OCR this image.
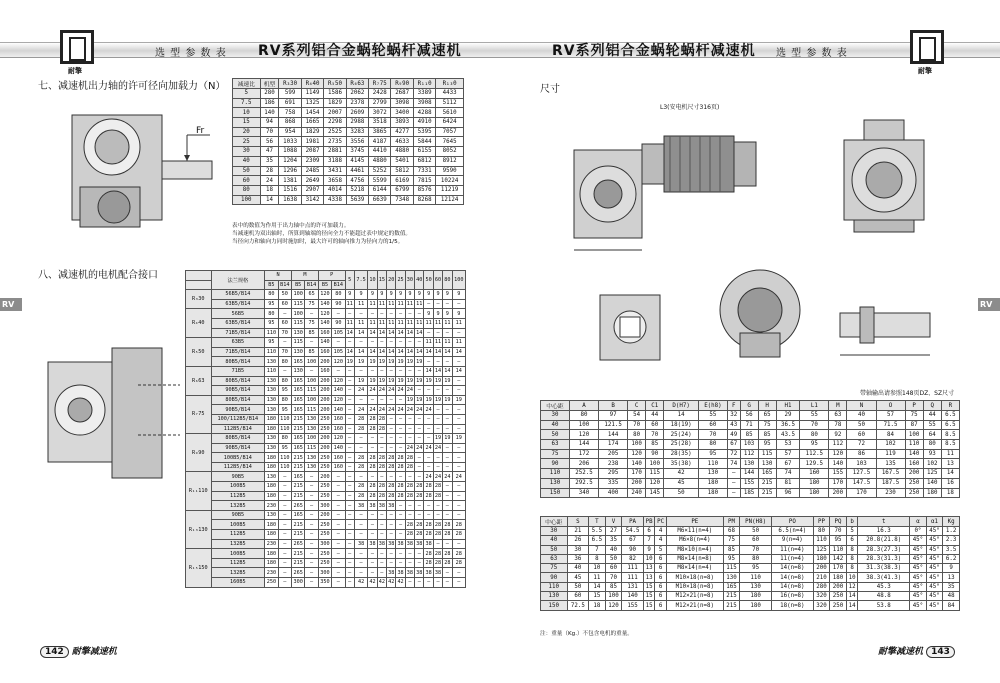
耐擎
选 型 参 数 表 RV系列铝合金蜗轮蜗杆减速机
RV
七、减速机出力轴的许可径向加载力（N）
Fr
减速比	机型	R₃30	R₄40	R₅50	R₆63	R₇75	R₉90	R₁₁0	R₁₃0
5	280	599	1149	1586	2062	2428	2687	3389	4433
7.5	186	691	1325	1829	2378	2799	3098	3908	5112
10	140	758	1454	2007	2609	3072	3400	4288	5610
15	94	868	1665	2298	2988	3518	3893	4910	6424
20	70	954	1829	2525	3283	3865	4277	5395	7057
25	56	1033	1981	2735	3556	4187	4633	5844	7645
30	47	1088	2087	2881	3745	4410	4880	6155	8052
40	35	1204	2309	3188	4145	4880	5401	6812	8912
50	28	1296	2485	3431	4461	5252	5812	7331	9590
60	24	1381	2649	3658	4756	5599	6169	7815	10224
80	18	1516	2907	4014	5218	6144	6799	8576	11219
100	14	1638	3142	4338	5639	6639	7348	8268	12124
表中的数值为作用于出力轴中点的许可加载力。
当减速机为双出轴时，所算到轴端的径向全力不能超过表中规定的数值。
当径向力和轴向力同时施加时，最大许可的轴向推力为径向力的1/5。
八、减速机的电机配合接口
		法兰规格	N		M		P		5	7.5	10	15	20	25	30	40	50	60	80	100
		B5	B14	B5	B14	B5	B14												
R₃30	56B5/B14	80	50	100	65	120	80	9	9	9	9	9	9	9	9	9	9	9	9
	63B5/B14	95	60	115	75	140	90	11	11	11	11	11	11	11	11	—	—	—	—
R₄40	56B5	80	—	100	—	120	—	—	—	—	—	—	—	—	—	9	9	9	9
	63B5/B14	95	60	115	75	140	90	11	11	11	11	11	11	11	11	11	11	11	11
	71B5/B14	110	70	130	85	160	105	14	14	14	14	14	14	14	14	—	—	—	—
R₅50	63B5	95	—	115	—	140	—	—	—	—	—	—	—	—	—	11	11	11	11
	71B5/B14	110	70	130	85	160	105	14	14	14	14	14	14	14	14	14	14	14	14
	80B5/B14	130	80	165	100	200	120	19	19	19	19	19	19	19	19	—	—	—	—
R₆63	71B5	110	—	130	—	160	—	—	—	—	—	—	—	—	—	14	14	14	14
	80B5/B14	130	80	165	100	200	120	—	19	19	19	19	19	19	19	19	19	19	—
	90B5/B14	130	95	165	115	200	140	—	24	24	24	24	24	24	—	—	—	—	—
R₇75	80B5/B14	130	80	165	100	200	120	—	—	—	—	—	—	19	19	19	19	19	19
	90B5/B14	130	95	165	115	200	140	—	24	24	24	24	24	24	24	24	—	—	—
	100/112B5/B14	180	110	215	130	250	160	—	28	28	28	—	—	—	—	—	—	—	—
	112B5/B14	180	110	215	130	250	160	—	28	28	28	—	—	—	—	—	—	—	—
R₉90	80B5/B14	130	80	165	100	200	120	—	—	—	—	—	—	—	—	—	19	19	19
	90B5/B14	130	95	165	115	200	140	—	—	—	—	—	—	24	24	24	24	—	—
	100B5/B14	180	110	215	130	250	160	—	28	28	28	28	28	28	—	—	—	—	—
	112B5/B14	180	110	215	130	250	160	—	28	28	28	28	28	28	—	—	—	—	—
R₁₁110	90B5	130	—	165	—	200	—	—	—	—	—	—	—	—	—	24	24	24	24
	100B5	180	—	215	—	250	—	—	28	28	28	28	28	28	28	28	28	—	—
	112B5	180	—	215	—	250	—	—	28	28	28	28	28	28	28	28	28	—	—
	132B5	230	—	265	—	300	—	—	38	38	38	38	—	—	—	—	—	—	—
R₁₃130	90B5	130	—	165	—	200	—	—	—	—	—	—	—	—	—	—	—	—	—
	100B5	180	—	215	—	250	—	—	—	—	—	—	—	28	28	28	28	28	28
	112B5	180	—	215	—	250	—	—	—	—	—	—	—	28	28	28	28	28	28
	132B5	230	—	265	—	300	—	—	38	38	38	38	38	38	38	38	—	—	—
R₁₅150	100B5	180	—	215	—	250	—	—	—	—	—	—	—	—	—	28	28	28	28
	112B5	180	—	215	—	250	—	—	—	—	—	—	—	—	—	28	28	28	28
	132B5	230	—	265	—	300	—	—	—	—	—	38	38	38	38	38	38	—	—
	160B5	250	—	300	—	350	—	—	42	42	42	42	42	—	—	—	—	—	—
142 耐擎减速机
RV系列铝合金蜗轮蜗杆减速机 选 型 参 数 表
耐擎
RV
尺寸
L3(安电机尺寸316页)
带轴输出请参照148页DZ、SZ尺寸
中心距	A	B	C	C1	D(H7)	E(h8)	F	G	H	H1	L1	M	N	O	P	Q	R
30	80	97	54	44	14	55	32	56	65	29	55	63	40	57	75	44	6.5
40	100	121.5	70	60	18(19)	60	43	71	75	36.5	70	78	50	71.5	87	55	6.5
50	120	144	80	70	25(24)	70	49	85	85	43.5	80	92	60	84	100	64	8.5
63	144	174	100	85	25(28)	80	67	103	95	53	95	112	72	102	110	80	8.5
75	172	205	120	90	28(35)	95	72	112	115	57	112.5	120	86	119	140	93	11
90	206	238	140	100	35(38)	110	74	130	130	67	129.5	140	103	135	160	102	13
110	252.5	295	170	115	42	130	—	144	165	74	160	155	127.5	167.5	200	125	14
130	292.5	335	200	120	45	180	—	155	215	81	180	170	147.5	187.5	250	140	16
150	340	400	240	145	50	180	—	185	215	96	180	200	170	230	250	180	18
中心距	S	T	V	PA	PB	PC	PE	PM	PN(H8)	PO	PP	PQ	b	t	α	α1	Kg
30	21	5.5	27	54.5	6	4	M6×11(n=4)	68	50	6.5(n=4)	80	70	5	16.3	0°	45°	1.2
40	26	6.5	35	67	7	4	M6×8(n=4)	75	60	9(n=4)	110	95	6	20.8(21.8)	45°	45°	2.3
50	30	7	40	90	9	5	M8×10(n=4)	85	70	11(n=4)	125	110	8	28.3(27.3)	45°	45°	3.5
63	36	8	50	82	10	6	M8×14(n=8)	95	80	11(n=4)	180	142	8	28.3(31.3)	45°	45°	6.2
75	40	10	60	111	13	6	M8×14(n=4)	115	95	14(n=8)	200	170	8	31.3(38.3)	45°	45°	9
90	45	11	70	111	13	6	M10×18(n=8)	130	110	14(n=8)	210	180	10	38.3(41.3)	45°	45°	13
110	50	14	85	131	15	6	M10×18(n=8)	165	130	14(n=8)	280	200	12	45.3	45°	45°	35
130	60	15	100	140	15	6	M12×21(n=8)	215	180	16(n=8)	320	250	14	48.8	45°	45°	48
150	72.5	18	120	155	15	6	M12×21(n=8)	215	180	18(n=8)	320	250	14	53.8	45°	45°	84
注：重量（Kg.）不包含电机的重量。
耐擎减速机 143
